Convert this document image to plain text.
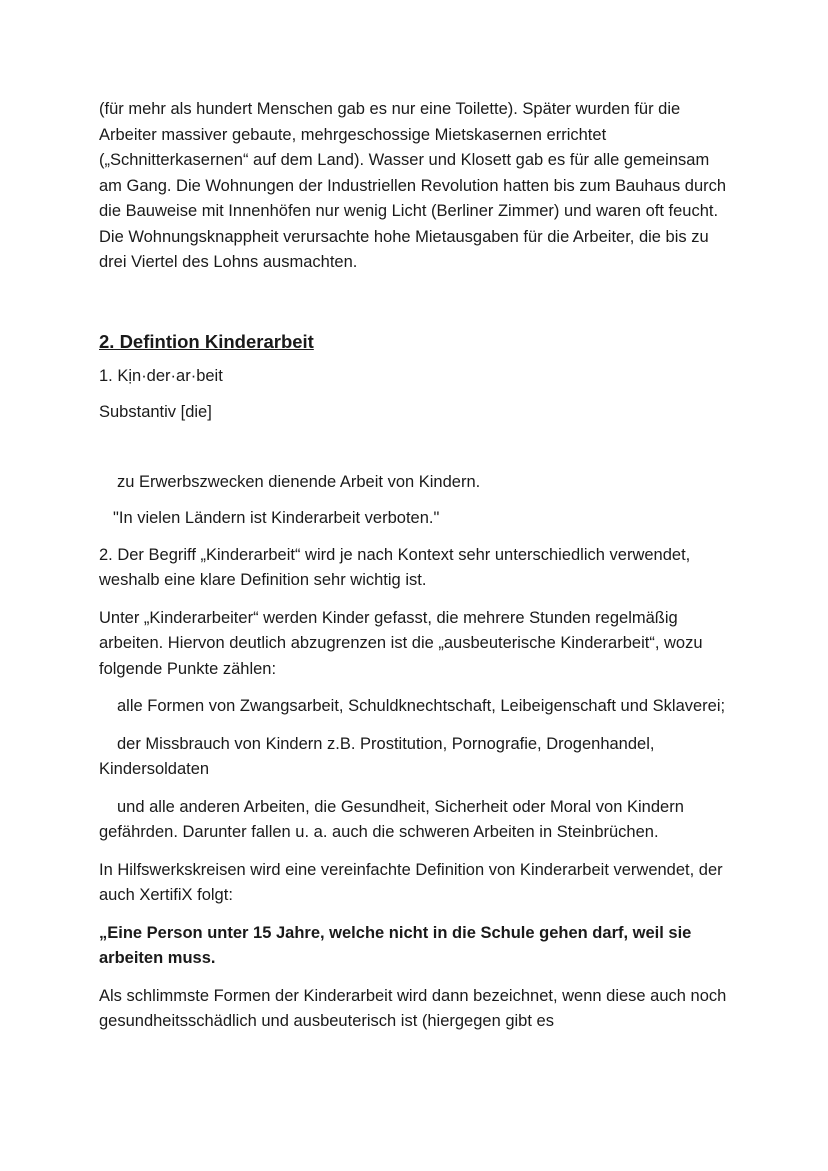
(für mehr als hundert Menschen gab es nur eine Toilette). Später wurden für die Arbeiter massiver gebaute, mehrgeschossige Mietskasernen errichtet („Schnitterkasernen“ auf dem Land). Wasser und Klosett gab es für alle gemeinsam am Gang. Die Wohnungen der Industriellen Revolution hatten bis zum Bauhaus durch die Bauweise mit Innenhöfen nur wenig Licht (Berliner Zimmer) und waren oft feucht. Die Wohnungsknappheit verursachte hohe Mietausgaben für die Arbeiter, die bis zu drei Viertel des Lohns ausmachten.

2. Defintion Kinderarbeit

1. Kịn·der·ar·beit

Substantiv [die]

zu Erwerbszwecken dienende Arbeit von Kindern.

"In vielen Ländern ist Kinderarbeit verboten."

2. Der Begriff „Kinderarbeit“ wird je nach Kontext sehr unterschiedlich verwendet, weshalb eine klare Definition sehr wichtig ist.

Unter „Kinderarbeiter“ werden Kinder gefasst, die mehrere Stunden regelmäßig arbeiten. Hiervon deutlich abzugrenzen ist die „ausbeuterische Kinderarbeit“, wozu folgende Punkte zählen:

alle Formen von Zwangsarbeit, Schuldknechtschaft, Leibeigenschaft und Sklaverei;

der Missbrauch von Kindern z.B. Prostitution, Pornografie, Drogenhandel, Kindersoldaten

und alle anderen Arbeiten, die Gesundheit, Sicherheit oder Moral von Kindern gefährden. Darunter fallen u. a. auch die schweren Arbeiten in Steinbrüchen.

In Hilfswerkskreisen wird eine vereinfachte Definition von Kinderarbeit verwendet, der auch XertifiX folgt:

„Eine Person unter 15 Jahre, welche nicht in die Schule gehen darf, weil sie arbeiten muss.

Als schlimmste Formen der Kinderarbeit wird dann bezeichnet, wenn diese auch noch gesundheitsschädlich und ausbeuterisch ist (hiergegen gibt es
